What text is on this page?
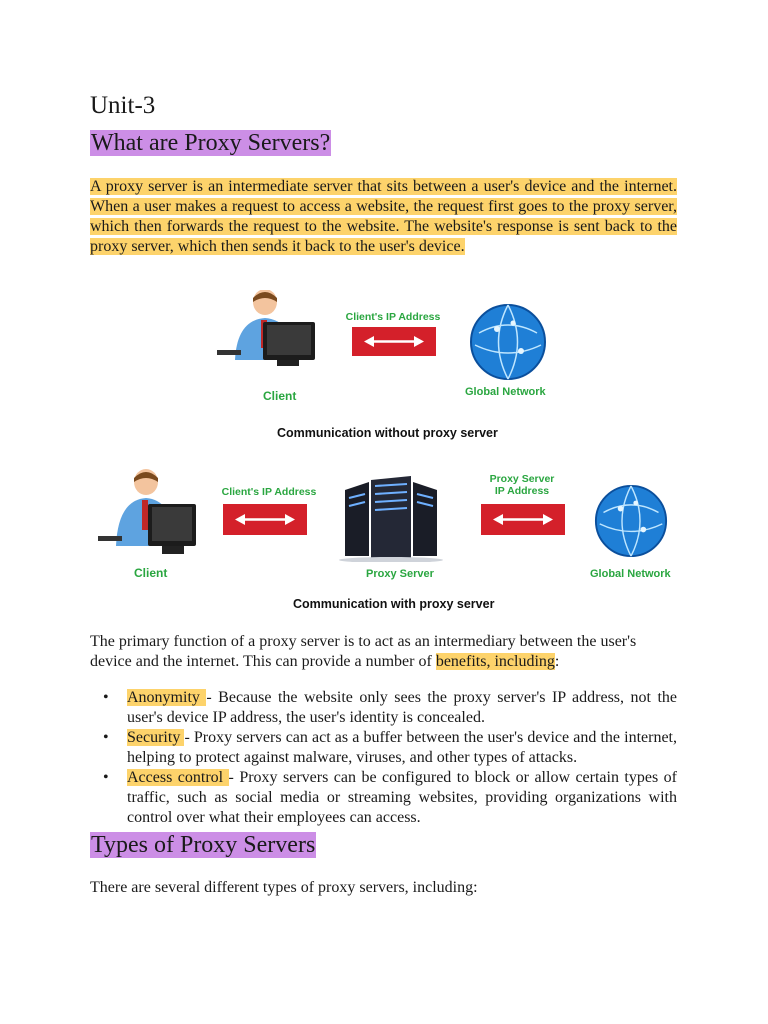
Unit-3
What are Proxy Servers?
A proxy server is an intermediate server that sits between a user's device and the internet. When a user makes a request to access a website, the request first goes to the proxy server, which then forwards the request to the website. The website's response is sent back to the proxy server, which then sends it back to the user's device.
Client
Client's IP Address
Global Network
Communication without proxy server
Client
Client's IP Address
Proxy Server
Proxy Server
IP Address
Global Network
Communication with proxy server
The primary function of a proxy server is to act as an intermediary between the user's device and the internet. This can provide a number of benefits, including:
• Anonymity - Because the website only sees the proxy server's IP address, not the user's device IP address, the user's identity is concealed.
• Security - Proxy servers can act as a buffer between the user's device and the internet, helping to protect against malware, viruses, and other types of attacks.
• Access control - Proxy servers can be configured to block or allow certain types of traffic, such as social media or streaming websites, providing organizations with control over what their employees can access.
Types of Proxy Servers
There are several different types of proxy servers, including:
